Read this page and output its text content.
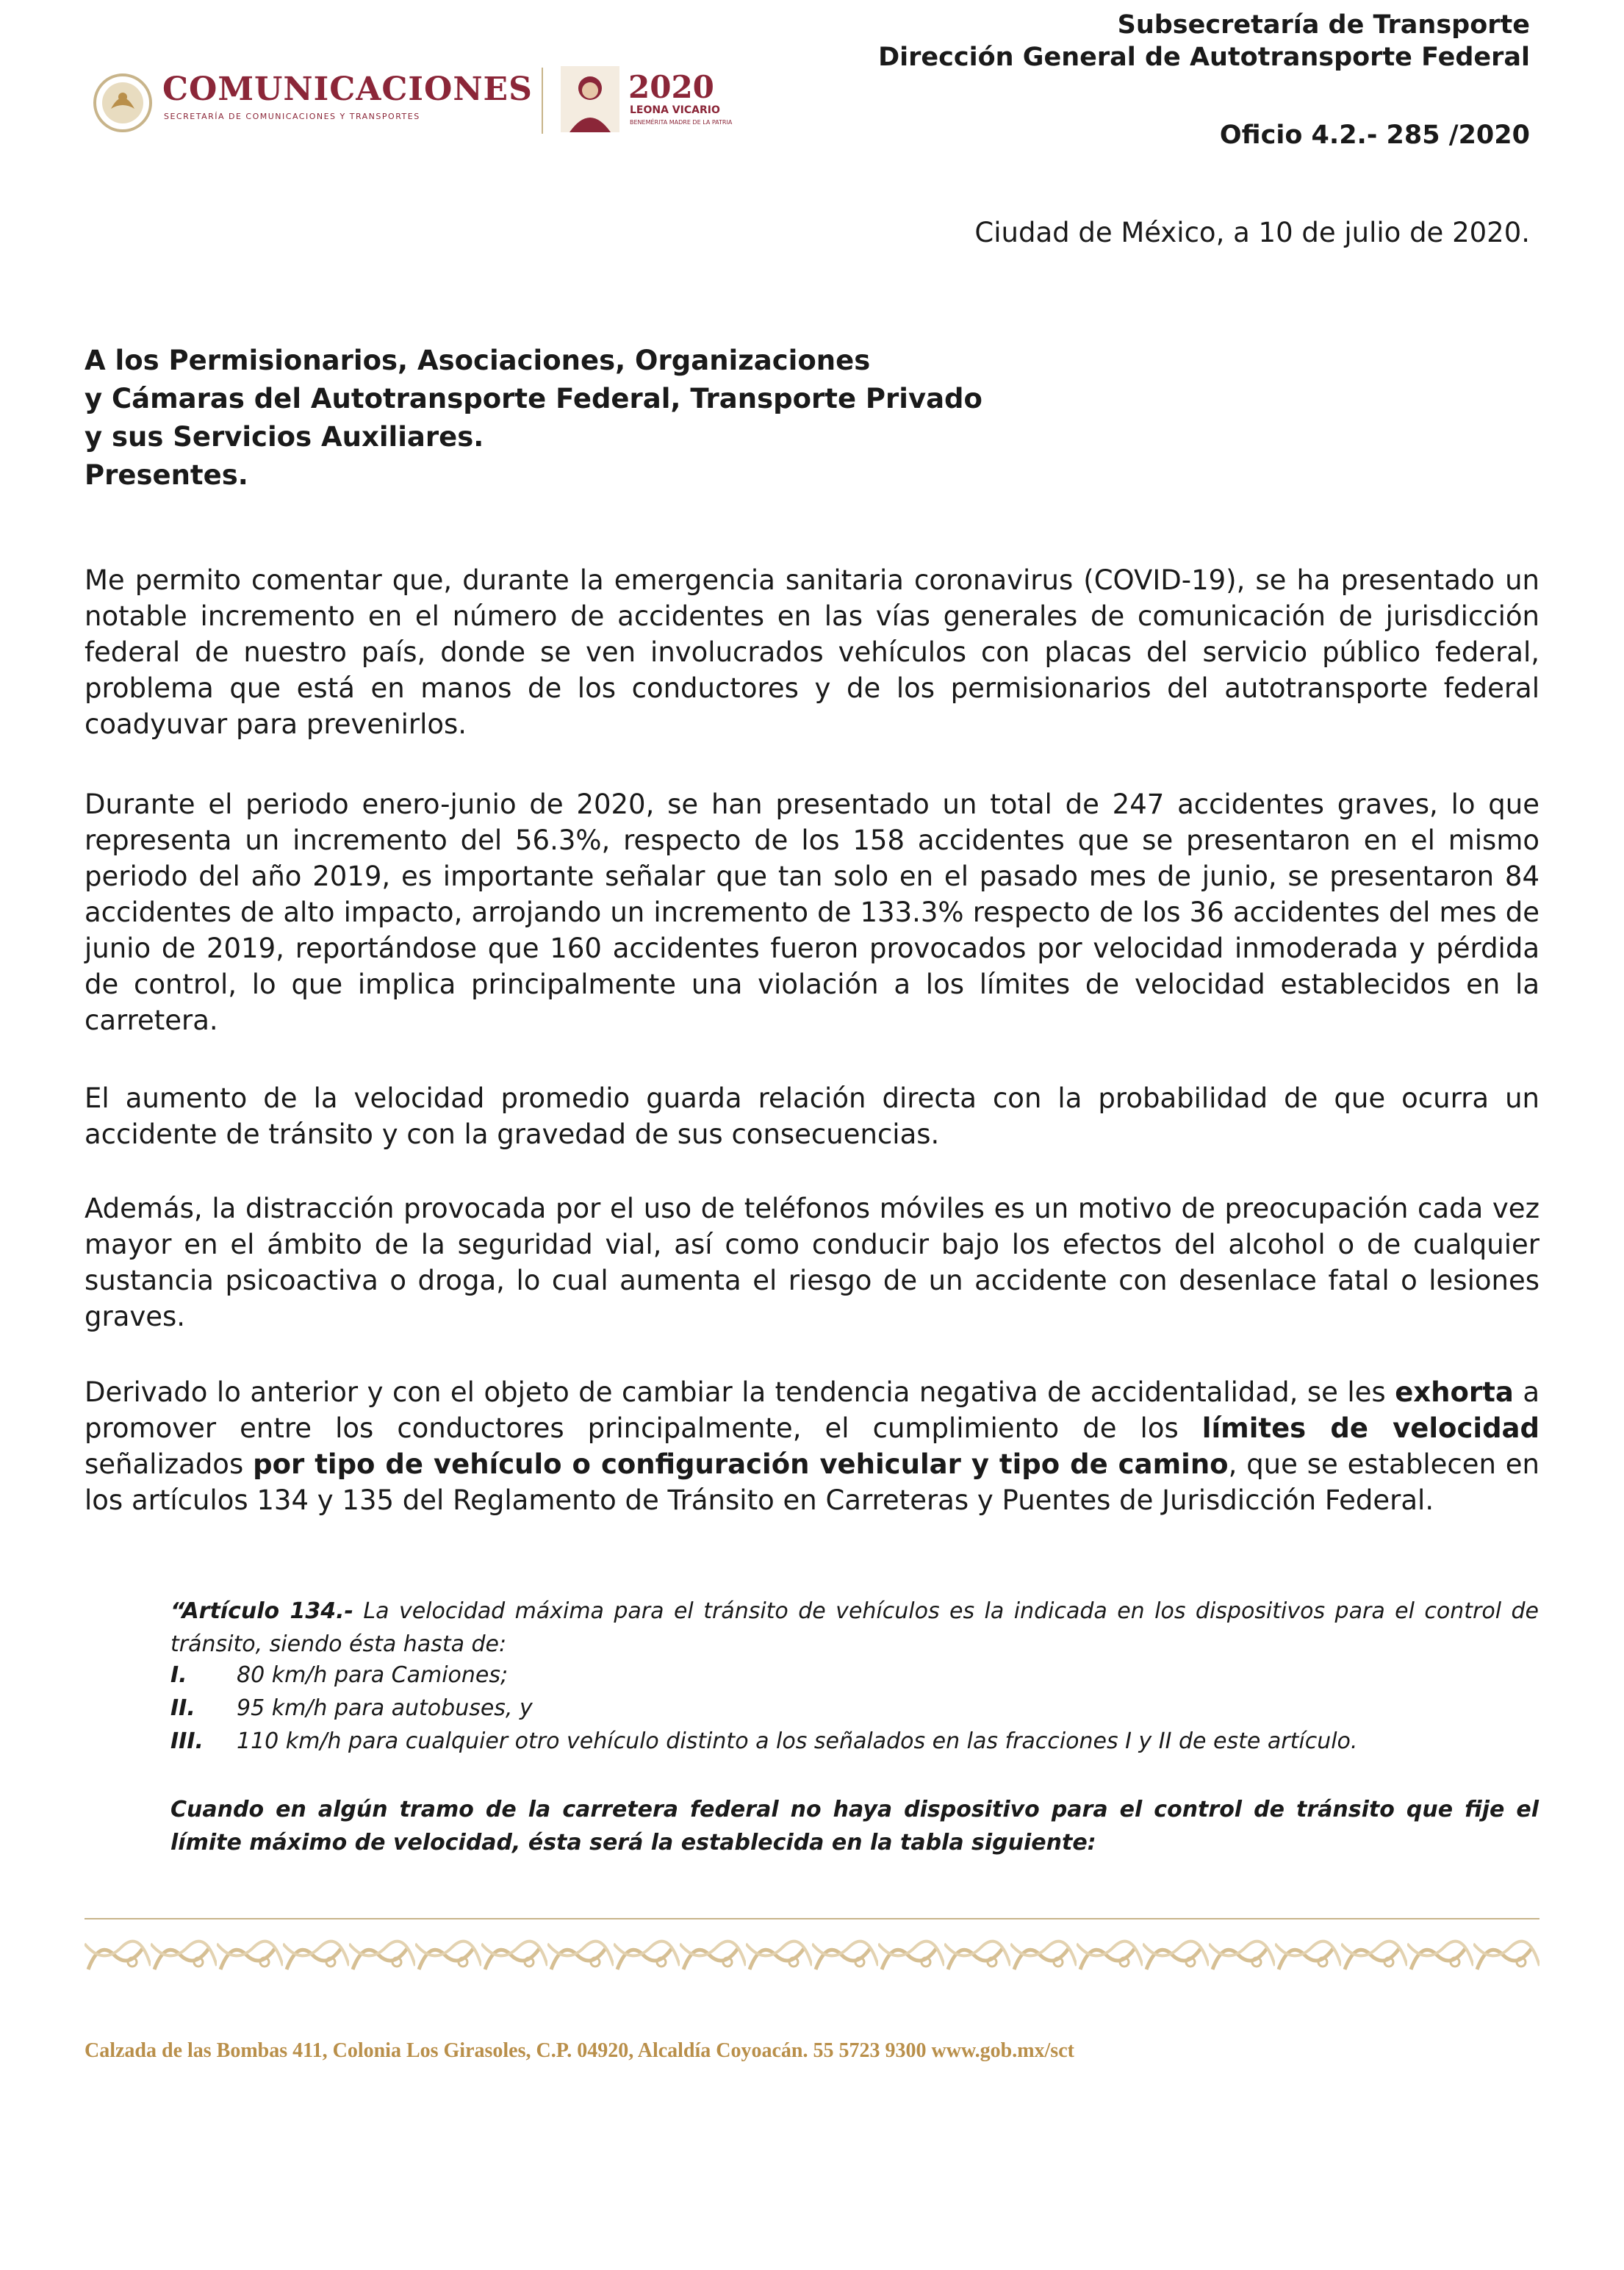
COMUNICACIONES
SECRETARÍA DE COMUNICACIONES Y TRANSPORTES
2020
LEONA VICARIO
BENEMÉRITA MADRE DE LA PATRIA
Subsecretaría de Transporte
Dirección General de Autotransporte Federal
Oficio 4.2.- 285 /2020
Ciudad de México, a 10 de julio de 2020.
A los Permisionarios, Asociaciones, Organizaciones
y Cámaras del Autotransporte Federal, Transporte Privado
y sus Servicios Auxiliares.
Presentes.
Me permito comentar que, durante la emergencia sanitaria coronavirus (COVID-19), se ha presentado un notable incremento en el número de accidentes en las vías generales de comunicación de jurisdicción federal de nuestro país, donde se ven involucrados vehículos con placas del servicio público federal, problema que está en manos de los conductores y de los permisionarios del autotransporte federal coadyuvar para prevenirlos.
Durante el periodo enero-junio de 2020, se han presentado un total de 247 accidentes graves, lo que representa un incremento del 56.3%, respecto de los 158 accidentes que se presentaron en el mismo periodo del año 2019, es importante señalar que tan solo en el pasado mes de junio, se presentaron 84 accidentes de alto impacto, arrojando un incremento de 133.3% respecto de los 36 accidentes del mes de junio de 2019, reportándose que 160 accidentes fueron provocados por velocidad inmoderada y pérdida de control, lo que implica principalmente una violación a los límites de velocidad establecidos en la carretera.
El aumento de la velocidad promedio guarda relación directa con la probabilidad de que ocurra un accidente de tránsito y con la gravedad de sus consecuencias.
Además, la distracción provocada por el uso de teléfonos móviles es un motivo de preocupación cada vez mayor en el ámbito de la seguridad vial, así como conducir bajo los efectos del alcohol o de cualquier sustancia psicoactiva o droga, lo cual aumenta el riesgo de un accidente con desenlace fatal o lesiones graves.
Derivado lo anterior y con el objeto de cambiar la tendencia negativa de accidentalidad, se les exhorta a promover entre los conductores principalmente, el cumplimiento de los límites de velocidad señalizados por tipo de vehículo o configuración vehicular y tipo de camino, que se establecen en los artículos 134 y 135 del Reglamento de Tránsito en Carreteras y Puentes de Jurisdicción Federal.
“Artículo 134.- La velocidad máxima para el tránsito de vehículos es la indicada en los dispositivos para el control de tránsito, siendo ésta hasta de:
I. 80 km/h para Camiones;
II. 95 km/h para autobuses, y
III. 110 km/h para cualquier otro vehículo distinto a los señalados en las fracciones I y II de este artículo.
Cuando en algún tramo de la carretera federal no haya dispositivo para el control de tránsito que fije el límite máximo de velocidad, ésta será la establecida en la tabla siguiente:
Calzada de las Bombas 411, Colonia Los Girasoles, C.P. 04920, Alcaldía Coyoacán. 55 5723 9300 www.gob.mx/sct
